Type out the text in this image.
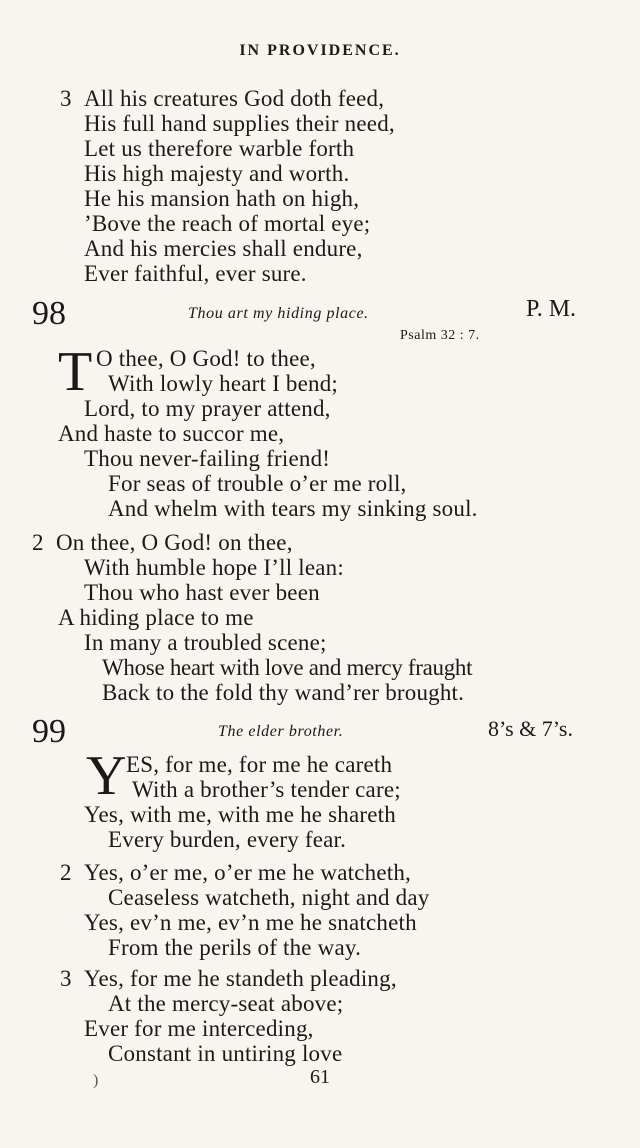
IN PROVIDENCE.
3 All his creatures God doth feed,
His full hand supplies their need,
Let us therefore warble forth
His high majesty and worth.
He his mansion hath on high,
’Bove the reach of mortal eye;
And his mercies shall endure,
Ever faithful, ever sure.
98	Thou art my hiding place.	P. M.
Psalm 32 : 7.
T O thee, O God! to thee,
With lowly heart I bend;
Lord, to my prayer attend,
And haste to succor me,
Thou never-failing friend!
For seas of trouble o’er me roll,
And whelm with tears my sinking soul.
2 On thee, O God! on thee,
With humble hope I’ll lean:
Thou who hast ever been
A hiding place to me
In many a troubled scene;
Whose heart with love and mercy fraught
Back to the fold thy wand’rer brought.
99	The elder brother.	8’s & 7’s.
Y ES, for me, for me he careth
With a brother’s tender care;
Yes, with me, with me he shareth
Every burden, every fear.
2 Yes, o’er me, o’er me he watcheth,
Ceaseless watcheth, night and day
Yes, ev’n me, ev’n me he snatcheth
From the perils of the way.
3 Yes, for me he standeth pleading,
At the mercy-seat above;
Ever for me interceding,
Constant in untiring love
)	61
